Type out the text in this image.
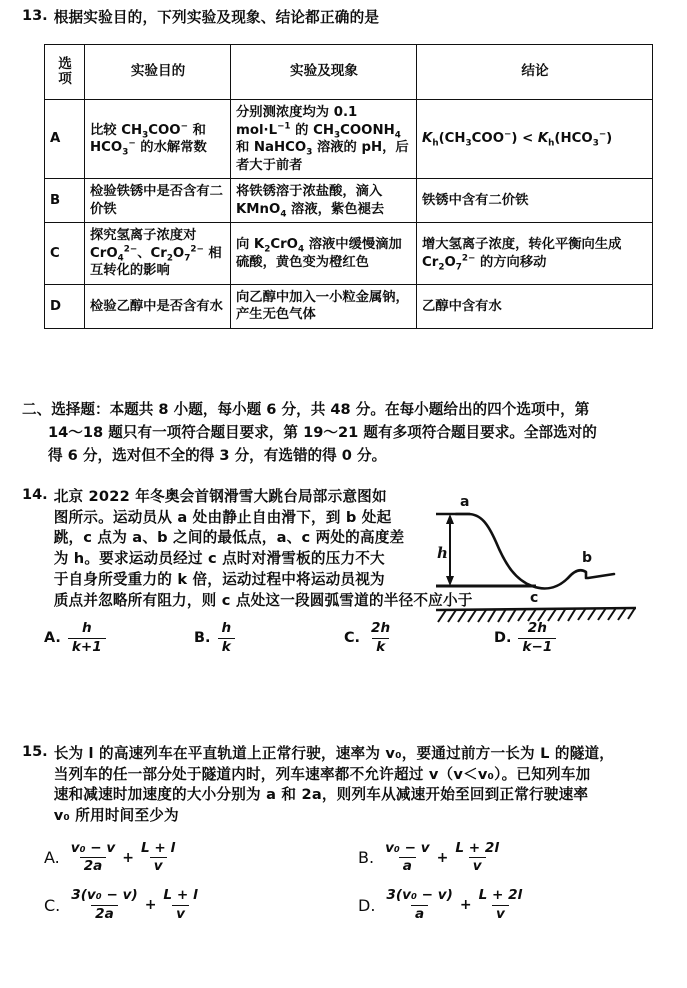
13. 根据实验目的，下列实验及现象、结论都正确的是
选
项	实验目的	实验及现象	结论
A	比较 $CH_3COO^-$ 和 $HCO_3^-$ 的水解常数	分别测浓度均为 0.1 $mol\cdot L^{-1}$ 的 $CH_3COONH_4$ 和 NaHCO$_3$ 溶液的 pH，后者大于前者	$K_h(CH_3COO^-) < K_h(HCO_3^-)$
B	检验铁锈中是否含有二价铁	将铁锈溶于浓盐酸，滴入 KMnO$_4$ 溶液，紫色褪去	铁锈中含有二价铁
C	探究氢离子浓度对 CrO$_4^{2-}$、$Cr_2O_7^{2-}$ 相互转化的影响	向 $K_2CrO_4$ 溶液中缓慢滴加硫酸，黄色变为橙红色	增大氢离子浓度，转化平衡向生成 $Cr_2O_7^{2-}$ 的方向移动
D	检验乙醇中是否含有水	向乙醇中加入一小粒金属钠，产生无色气体	乙醇中含有水
二、选择题：本题共 8 小题，每小题 6 分，共 48 分。在每小题给出的四个选项中，第
14～18 题只有一项符合题目要求，第 19～21 题有多项符合题目要求。全部选对的
得 6 分，选对但不全的得 3 分，有选错的得 0 分。
14. 北京 2022 年冬奥会首钢滑雪大跳台局部示意图如
图所示。运动员从 a 处由静止自由滑下，到 b 处起
跳，c 点为 a、b 之间的最低点，a、c 两处的高度差
为 h。要求运动员经过 c 点时对滑雪板的压力不大
于自身所受重力的 k 倍，运动过程中将运动员视为
质点并忽略所有阻力，则 c 点处这一段圆弧雪道的半径不应小于
A. $\frac{h}{k+1}$	B. $\frac{h}{k}$	C. $\frac{2h}{k}$	D. $\frac{2h}{k-1}$
a
h
c
b
15. 长为 l 的高速列车在平直轨道上正常行驶，速率为 v₀，要通过前方一长为 L 的隧道，
当列车的任一部分处于隧道内时，列车速率都不允许超过 v（v＜v₀）。已知列车加
速和减速时加速度的大小分别为 a 和 2a，则列车从减速开始至回到正常行驶速率
v₀ 所用时间至少为
A. $\frac{\text{v₀ − v}}{2a} + \frac{L + l}{v}$	B. $\frac{\text{v₀ − v}}{a} + \frac{L + 2l}{v}$
C. $\frac{\text{3(v₀ − v)}}{2a} + \frac{L + l}{v}$	D. $\frac{\text{3(v₀ − v)}}{a} + \frac{L + 2l}{v}$
